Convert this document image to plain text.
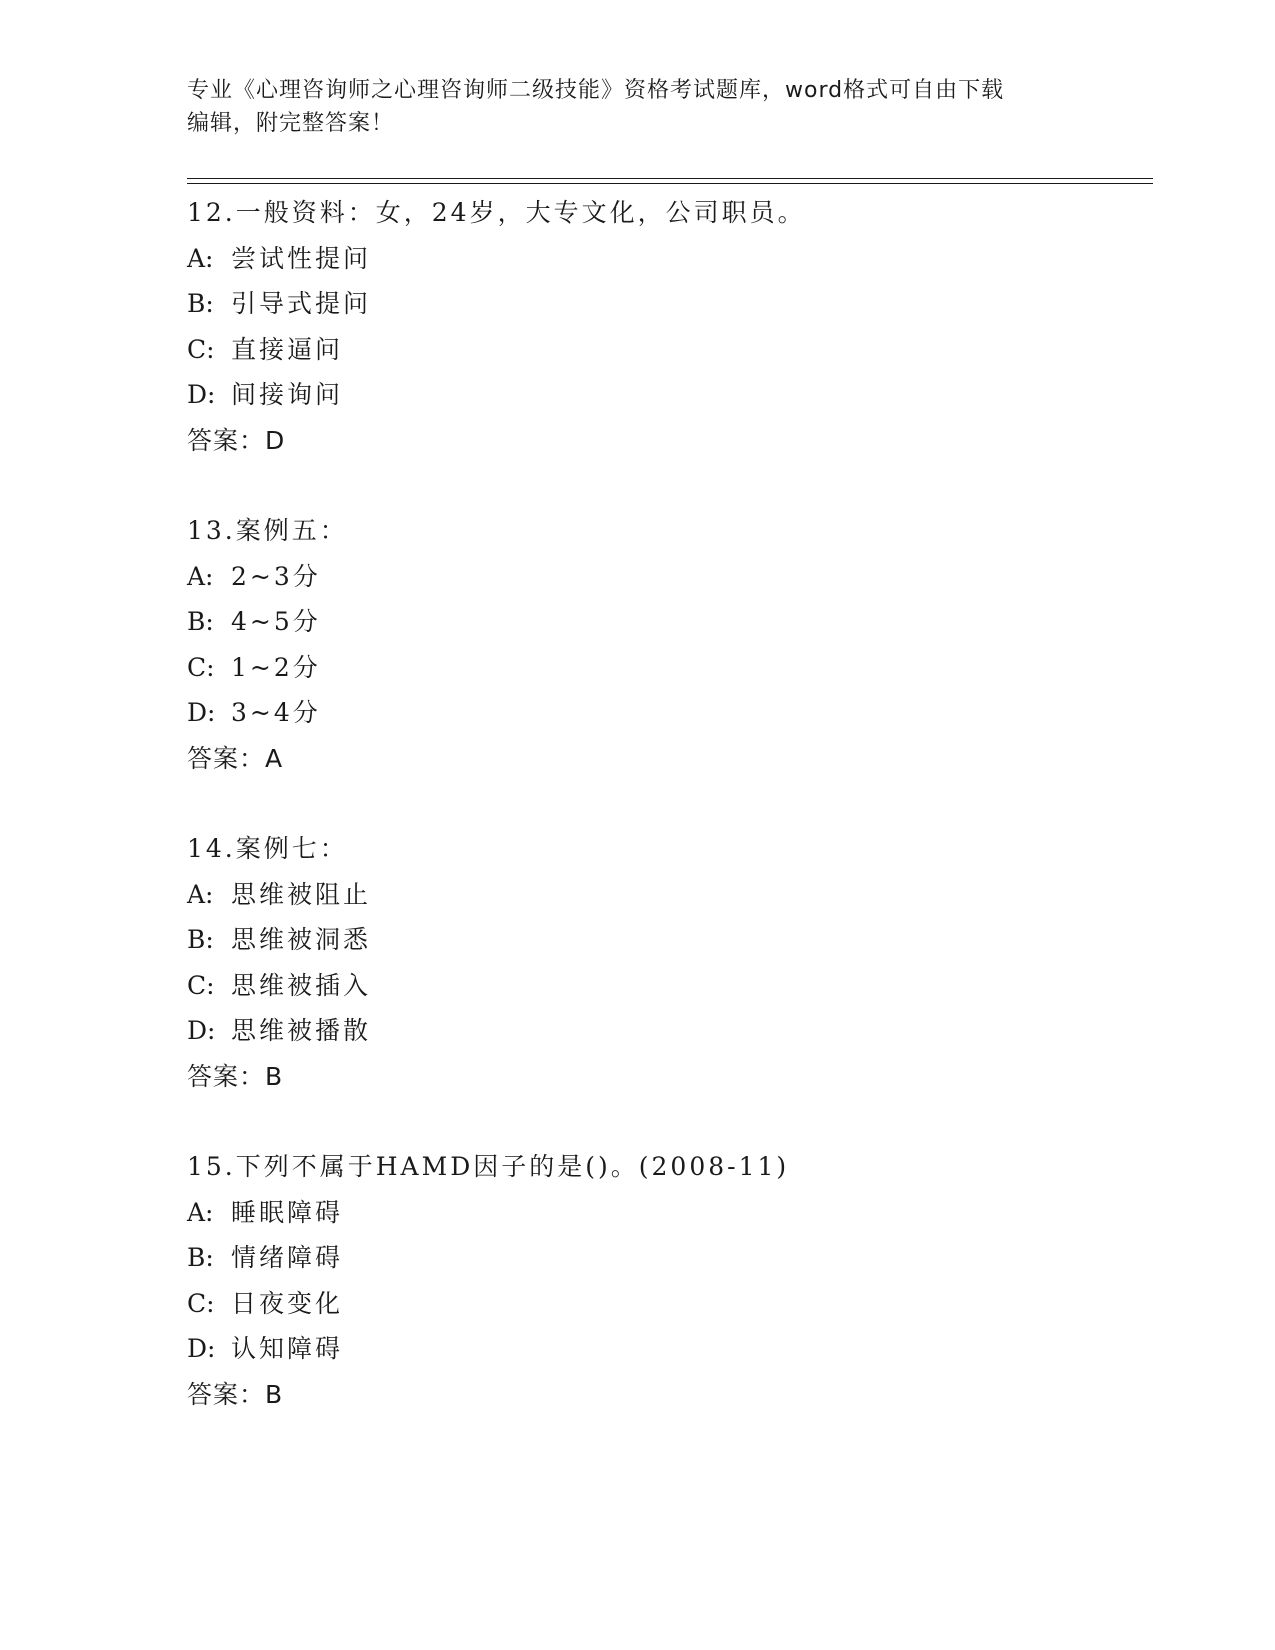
专业《心理咨询师之心理咨询师二级技能》资格考试题库，word格式可自由下载
编辑，附完整答案！
12.一般资料：女，24岁，大专文化，公司职员。
A: 尝试性提问
B: 引导式提问
C: 直接逼问
D: 间接询问
答案：D
13.案例五：
A: 2~3分
B: 4~5分
C: 1~2分
D: 3~4分
答案：A
14.案例七：
A: 思维被阻止
B: 思维被洞悉
C: 思维被插入
D: 思维被播散
答案：B
15.下列不属于HAMD因子的是()。(2008-11)
A: 睡眠障碍
B: 情绪障碍
C: 日夜变化
D: 认知障碍
答案：B
